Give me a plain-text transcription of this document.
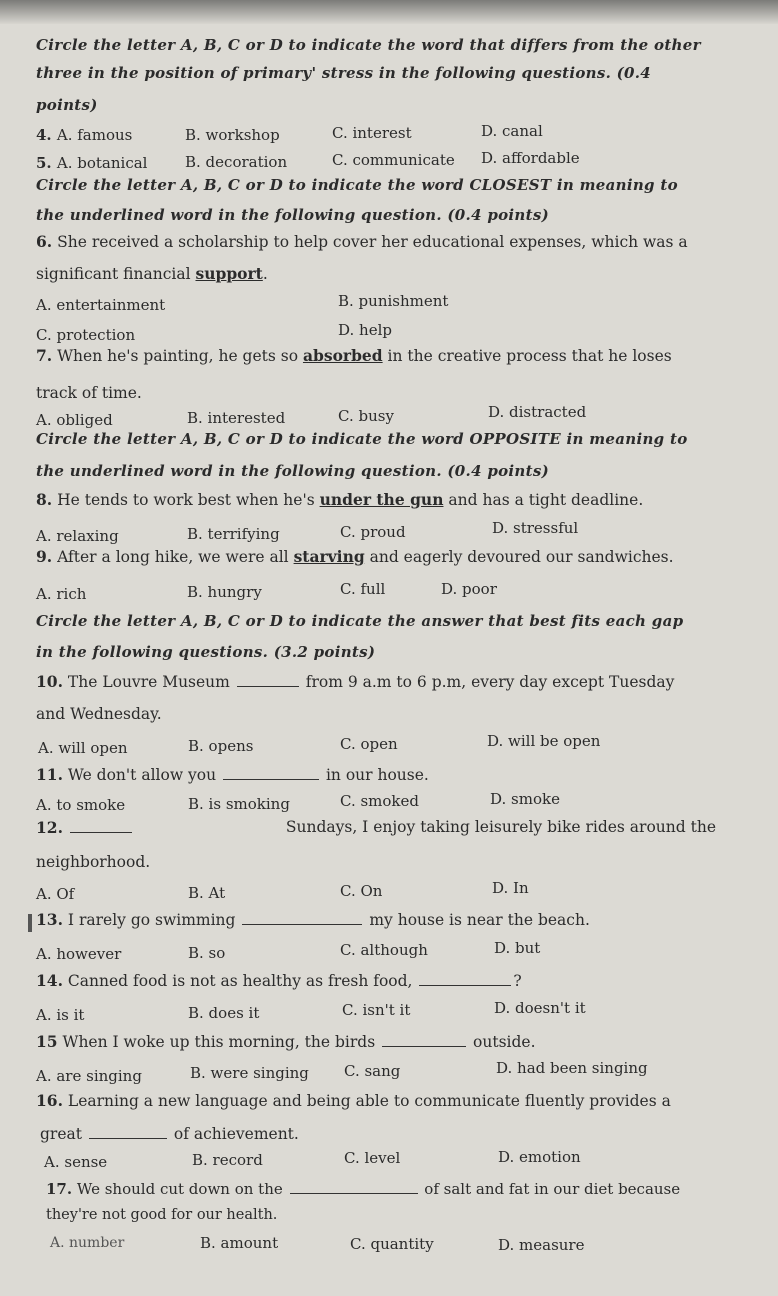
Circle the letter A, B, C or D to indicate the word that differs from the other
three in the position of primary' stress in the following questions. (0.4
points)
4. A. famous	B. workshop	C. interest	D. canal
5. A. botanical	B. decoration	C. communicate D. affordable
Circle the letter A, B, C or D to indicate the word CLOSEST in meaning to
the underlined word in the following question. (0.4 points)
6. She received a scholarship to help cover her educational expenses, which was a
significant financial support.
A. entertainment	B. punishment
C. protection	D. help
7. When he's painting, he gets so absorbed in the creative process that he loses
track of time.
A. obliged	B. interested	C. busy	D. distracted
Circle the letter A, B, C or D to indicate the word OPPOSITE in meaning to
the underlined word in the following question. (0.4 points)
8. He tends to work best when he's under the gun and has a tight deadline.
A. relaxing	B. terrifying	C. proud	D. stressful
9. After a long hike, we were all starving and eagerly devoured our sandwiches.
A. rich	B. hungry	C. full	D. poor
Circle the letter A, B, C or D to indicate the answer that best fits each gap
in the following questions. (3.2 points)
10. The Louvre Museum	from 9 a.m to 6 p.m, every day except Tuesday
and Wednesday.
A. will open	B. opens	C. open	D. will be open
11. We don't allow you	in our house.
A. to smoke	B. is smoking	C. smoked	D. smoke
12.	Sundays, I enjoy taking leisurely bike rides around the
neighborhood.
A. Of	B. At	C. On	D. In
13. I rarely go swimming	my house is near the beach.
A. however	B. so	C. although	D. but
14. Canned food is not as healthy as fresh food,	?
A. is it	B. does it	C. isn't it	D. doesn't it
15 When I woke up this morning, the birds	outside.
A. are singing	B. were singing C. sang	D. had been singing
16. Learning a new language and being able to communicate fluently provides a
great	of achievement.
A. sense	B. record	C. level	D. emotion
17. We should cut down on the	of salt and fat in our diet because
they're not good for our health.
A. number	B. amount	C. quantity	D. measure
